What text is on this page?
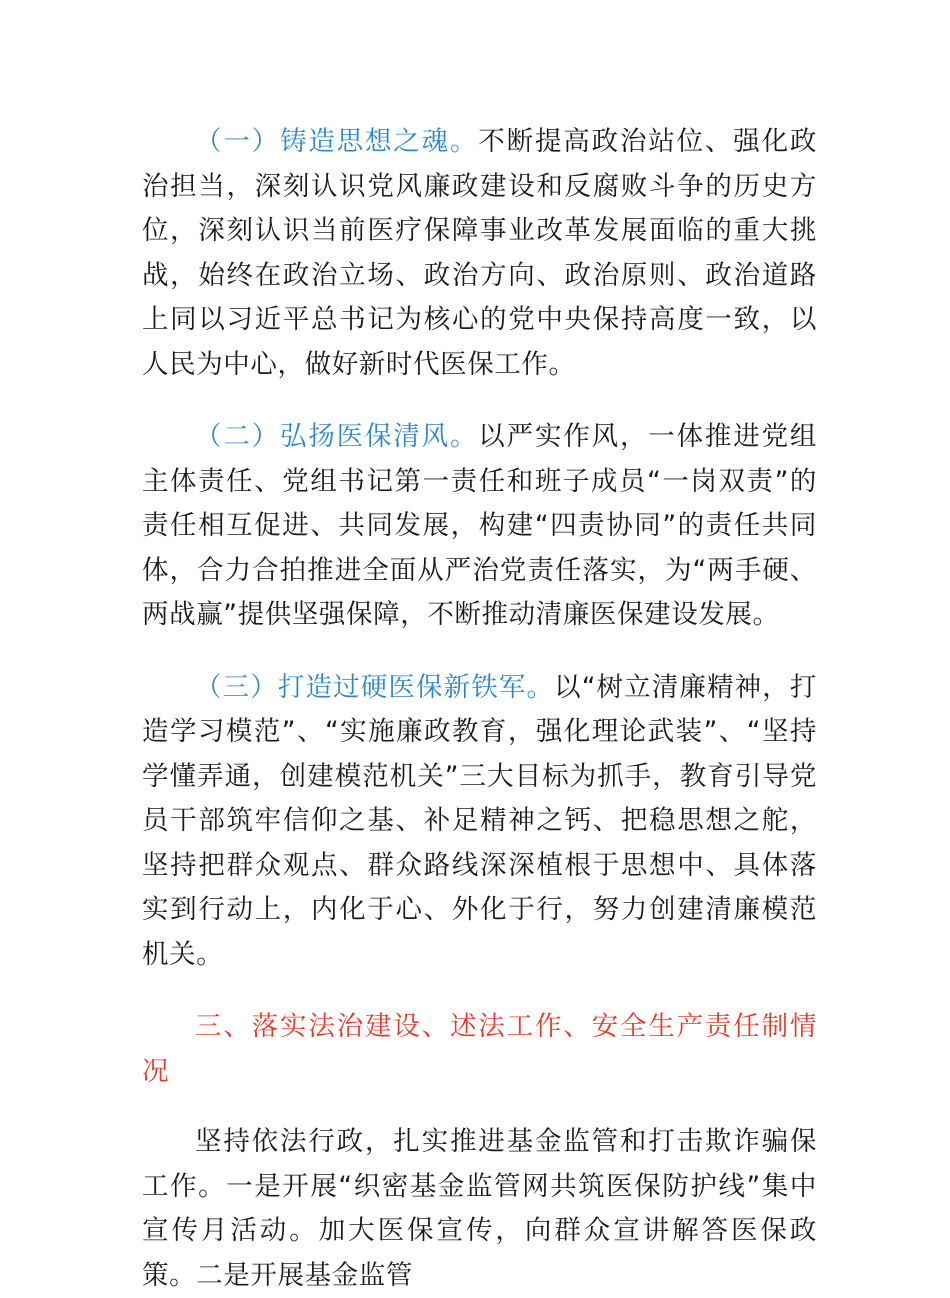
（一）铸造思想之魂。不断提高政治站位、强化政治担当，深刻认识党风廉政建设和反腐败斗争的历史方位，深刻认识当前医疗保障事业改革发展面临的重大挑战，始终在政治立场、政治方向、政治原则、政治道路上同以习近平总书记为核心的党中央保持高度一致，以人民为中心，做好新时代医保工作。

（二）弘扬医保清风。以严实作风，一体推进党组主体责任、党组书记第一责任和班子成员“一岗双责”的责任相互促进、共同发展，构建“四责协同”的责任共同体，合力合拍推进全面从严治党责任落实，为“两手硬、两战赢”提供坚强保障，不断推动清廉医保建设发展。

（三）打造过硬医保新铁军。以“树立清廉精神，打造学习模范”、“实施廉政教育，强化理论武装”、“坚持学懂弄通，创建模范机关”三大目标为抓手，教育引导党员干部筑牢信仰之基、补足精神之钙、把稳思想之舵，坚持把群众观点、群众路线深深植根于思想中、具体落实到行动上，内化于心、外化于行，努力创建清廉模范机关。

三、落实法治建设、述法工作、安全生产责任制情况

坚持依法行政，扎实推进基金监管和打击欺诈骗保工作。一是开展“织密基金监管网共筑医保防护线”集中宣传月活动。加大医保宣传，向群众宣讲解答医保政策。二是开展基金监管
